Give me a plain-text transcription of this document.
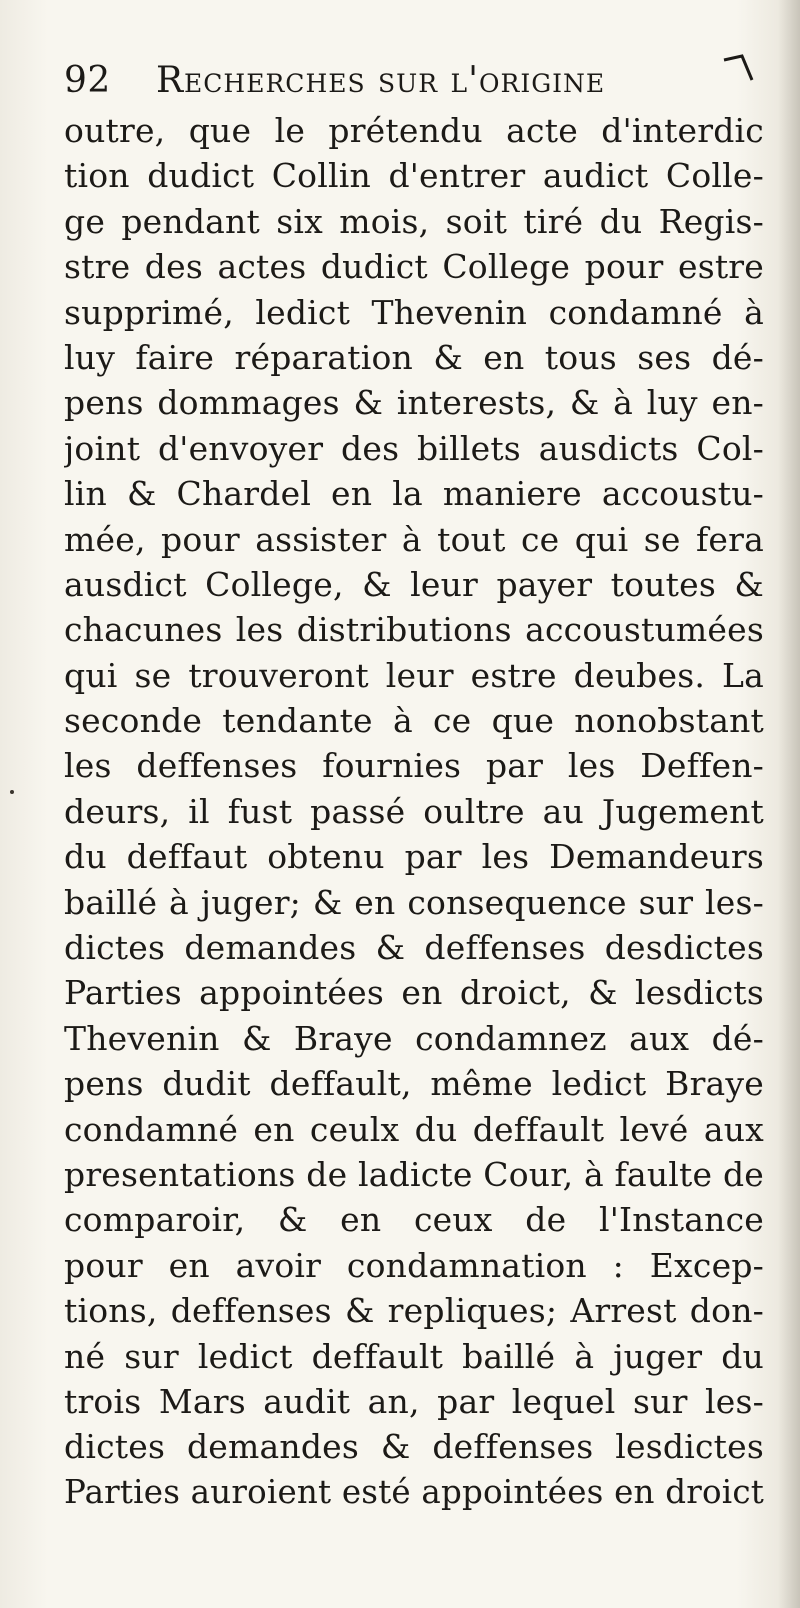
92 Recherches sur l'origine
outre, que le prétendu acte d'interdic
tion dudict Collin d'entrer audict Colle-
ge pendant six mois, soit tiré du Regis-
stre des actes dudict College pour estre
supprimé, ledict Thevenin condamné à
luy faire réparation & en tous ses dé-
pens dommages & interests, & à luy en-
joint d'envoyer des billets ausdicts Col-
lin & Chardel en la maniere accoustu-
mée, pour assister à tout ce qui se fera
ausdict College, & leur payer toutes &
chacunes les distributions accoustumées
qui se trouveront leur estre deubes. La
seconde tendante à ce que nonobstant
les deffenses fournies par les Deffen-
deurs, il fust passé oultre au Jugement
du deffaut obtenu par les Demandeurs
baillé à juger; & en consequence sur les-
dictes demandes & deffenses desdictes
Parties appointées en droict, & lesdicts
Thevenin & Braye condamnez aux dé-
pens dudit deffault, même ledict Braye
condamné en ceulx du deffault levé aux
presentations de ladicte Cour, à faulte de
comparoir, & en ceux de l'Instance
pour en avoir condamnation : Excep-
tions, deffenses & repliques; Arrest don-
né sur ledict deffault baillé à juger du
trois Mars audit an, par lequel sur les-
dictes demandes & deffenses lesdictes
Parties auroient esté appointées en droict
